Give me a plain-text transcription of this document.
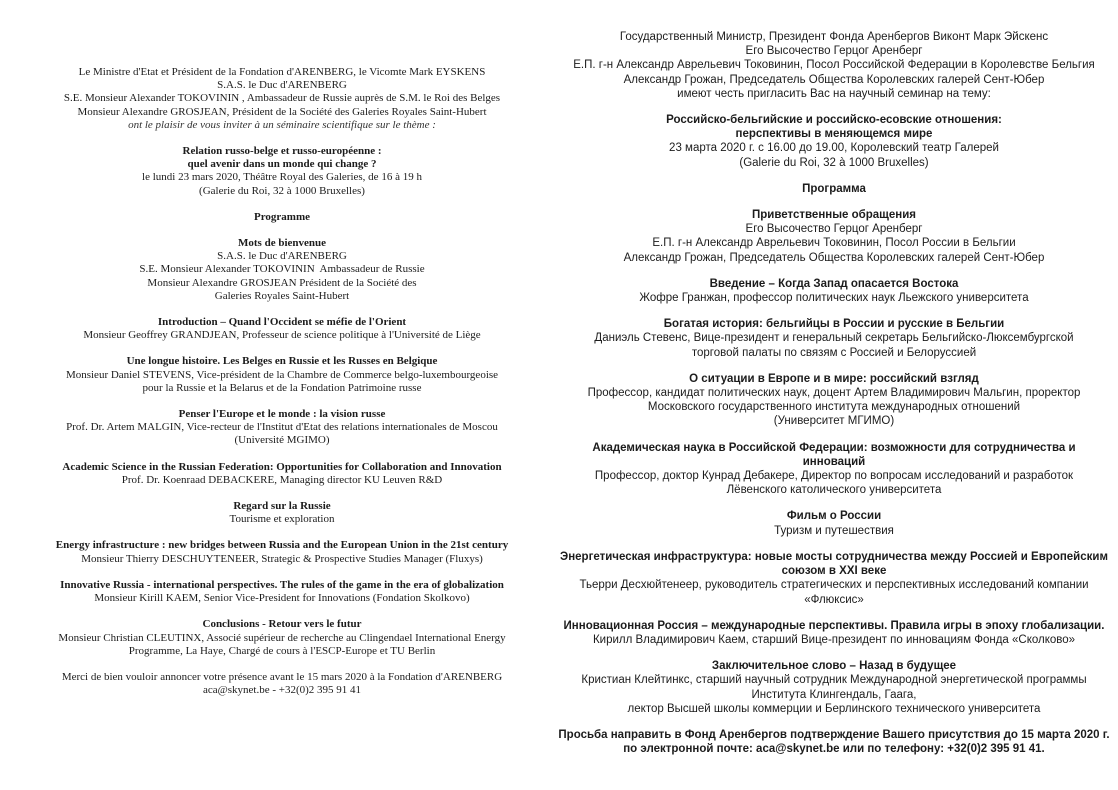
Le Ministre d'Etat et Président de la Fondation d'ARENBERG, le Vicomte Mark EYSKENS
S.A.S. le Duc d'ARENBERG
S.E. Monsieur Alexander TOKOVININ , Ambassadeur de Russie auprès de S.M. le Roi des Belges
Monsieur Alexandre GROSJEAN, Président de la Société des Galeries Royales Saint-Hubert
ont le plaisir de vous inviter à un séminaire scientifique sur le thème :
Relation russo-belge et russo-européenne :
quel avenir dans un monde qui change ?
le lundi 23 mars 2020, Théâtre Royal des Galeries, de 16 à 19 h
(Galerie du Roi, 32 à 1000 Bruxelles)
Programme
Mots de bienvenue
S.A.S. le Duc d'ARENBERG
S.E. Monsieur Alexander TOKOVININ  Ambassadeur de Russie
Monsieur Alexandre GROSJEAN Président de la Société des
Galeries Royales Saint-Hubert
Introduction – Quand l'Occident se méfie de l'Orient
Monsieur Geoffrey GRANDJEAN, Professeur de science politique à l'Université de Liège
Une longue histoire. Les Belges en Russie et les Russes en Belgique
Monsieur Daniel STEVENS, Vice-président de la Chambre de Commerce belgo-luxembourgeoise
pour la Russie et la Belarus et de la Fondation Patrimoine russe
Penser l'Europe et le monde : la vision russe
Prof. Dr. Artem MALGIN, Vice-recteur de l'Institut d'Etat des relations internationales de Moscou
(Université MGIMO)
Academic Science in the Russian Federation: Opportunities for Collaboration and Innovation
Prof. Dr. Koenraad DEBACKERE, Managing director KU Leuven R&D
Regard sur la Russie
Tourisme et exploration
Energy infrastructure : new bridges between Russia and the European Union in the 21st century
Monsieur Thierry DESCHUYTENEER, Strategic & Prospective Studies Manager (Fluxys)
Innovative Russia - international perspectives. The rules of the game in the era of globalization
Monsieur Kirill KAEM, Senior Vice-President for Innovations (Fondation Skolkovo)
Conclusions - Retour vers le futur
Monsieur Christian CLEUTINX, Associé supérieur de recherche au Clingendael International Energy
Programme, La Haye, Chargé de cours à l'ESCP-Europe et TU Berlin
Merci de bien vouloir annoncer votre présence avant le 15 mars 2020 à la Fondation d'ARENBERG
aca@skynet.be - +32(0)2 395 91 41
Государственный Министр, Президент Фонда Аренбергов Виконт Марк Эйскенс
Его Высочество Герцог Аренберг
Е.П. г-н Александр Аврельевич Токовинин, Посол Российской Федерации в Королевстве Бельгия
Александр Грожан, Председатель Общества Королевских галерей Сент-Юбер
имеют честь пригласить Вас на научный семинар на тему:
Российско-бельгийские и российско-есовские отношения:
перспективы в меняющемся мире
23 марта 2020 г. с 16.00 до 19.00, Королевский театр Галерей
(Galerie du Roi, 32 à 1000 Bruxelles)
Программа
Приветственные обращения
Его Высочество Герцог Аренберг
Е.П. г-н Александр Аврельевич Токовинин, Посол России в Бельгии
Александр Грожан, Председатель Общества Королевских галерей Сент-Юбер
Введение – Когда Запад опасается Востока
Жофре Гранжан, профессор политических наук Льежского университета
Богатая история: бельгийцы в России и русские в Бельгии
Даниэль Стевенс, Вице-президент и генеральный секретарь Бельгийско-Люксембургской
торговой палаты по связям с Россией и Белоруссией
О ситуации в Европе и в мире: российский взгляд
Профессор, кандидат политических наук, доцент Артем Владимирович Мальгин, проректор
Московского государственного института международных отношений
(Университет МГИМО)
Академическая наука в Российской Федерации: возможности для сотрудничества и
инноваций
Профессор, доктор Кунрад Дебакере, Директор по вопросам исследований и разработок
Лёвенского католического университета
Фильм о России
Туризм и путешествия
Энергетическая инфраструктура: новые мосты сотрудничества между Россией и Европейским
союзом в XXI веке
Тьерри Десхюйтенеер, руководитель стратегических и перспективных исследований компании
«Флюксис»
Инновационная Россия – международные перспективы. Правила игры в эпоху глобализации.
Кирилл Владимирович Каем, старший Вице-президент по инновациям Фонда «Сколково»
Заключительное слово – Назад в будущее
Кристиан Клейтинкс, старший научный сотрудник Международной энергетической программы
Института Клингендаль, Гаага,
лектор Высшей школы коммерции и Берлинского технического университета
Просьба направить в Фонд Аренбергов подтверждение Вашего присутствия до 15 марта 2020 г.
по электронной почте: aca@skynet.be или по телефону: +32(0)2 395 91 41.
